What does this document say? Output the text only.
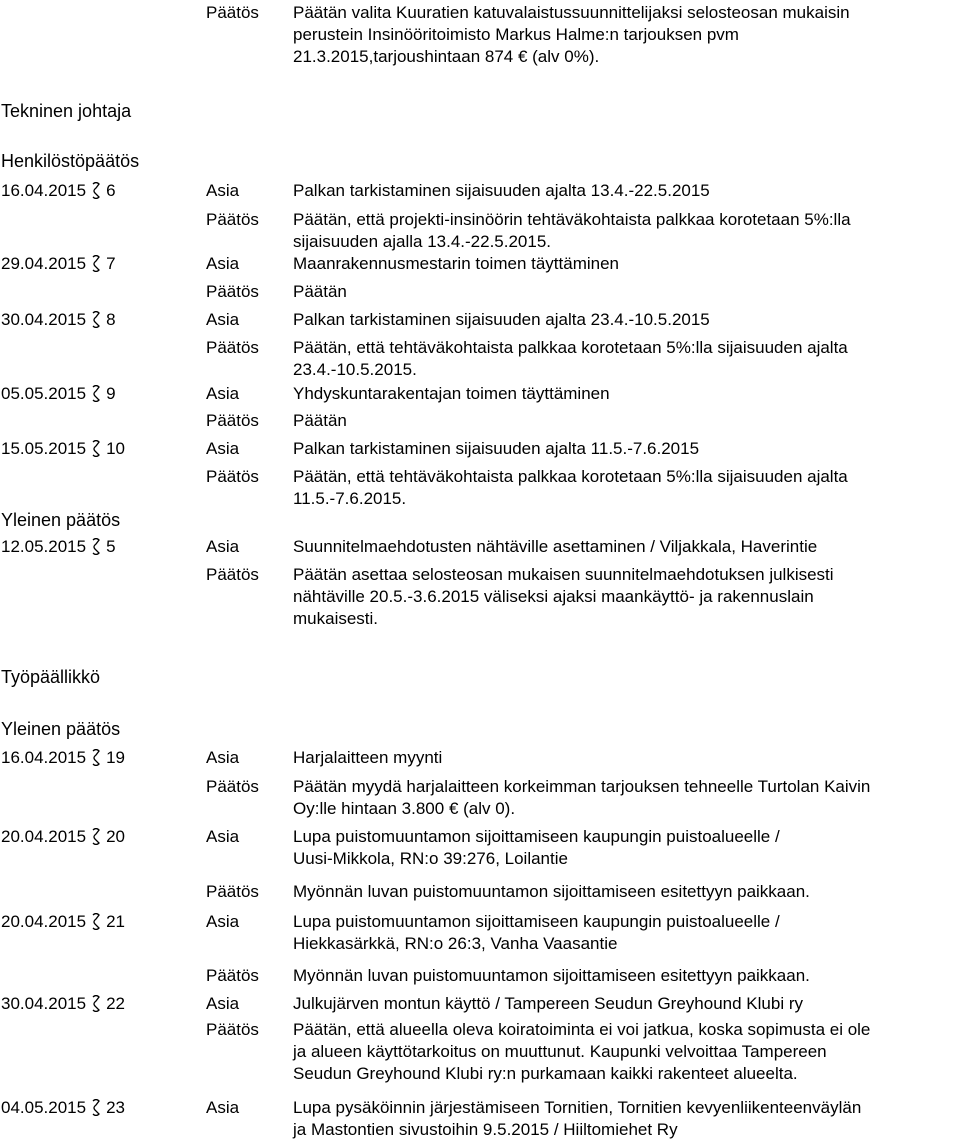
Päätös Päätän valita Kuuratien katuvalaistussuunnittelijaksi selosteosan mukaisin
perustein Insinööritoimisto Markus Halme:n tarjouksen pvm
21.3.2015,tarjoushintaan 874 € (alv 0%).
Tekninen johtaja
Henkilöstöpäätös
16.04.2015 6	Asia	Palkan tarkistaminen sijaisuuden ajalta 13.4.-22.5.2015
Päätös Päätän, että projekti-insinöörin tehtäväkohtaista palkkaa korotetaan 5%:lla
sijaisuuden ajalla 13.4.-22.5.2015.
29.04.2015 7	Asia	Maanrakennusmestarin toimen täyttäminen
Päätös Päätän
30.04.2015 8	Asia	Palkan tarkistaminen sijaisuuden ajalta 23.4.-10.5.2015
Päätös Päätän, että tehtäväkohtaista palkkaa korotetaan 5%:lla sijaisuuden ajalta
23.4.-10.5.2015.
05.05.2015 9	Asia	Yhdyskuntarakentajan toimen täyttäminen
Päätös Päätän
15.05.2015 10	Asia	Palkan tarkistaminen sijaisuuden ajalta 11.5.-7.6.2015
Päätös Päätän, että tehtäväkohtaista palkkaa korotetaan 5%:lla sijaisuuden ajalta
11.5.-7.6.2015.
Yleinen päätös
12.05.2015 5	Asia	Suunnitelmaehdotusten nähtäville asettaminen / Viljakkala, Haverintie
Päätös Päätän asettaa selosteosan mukaisen suunnitelmaehdotuksen julkisesti
nähtäville 20.5.-3.6.2015 väliseksi ajaksi maankäyttö- ja rakennuslain
mukaisesti.
Työpäällikkö
Yleinen päätös
16.04.2015 19	Asia	Harjalaitteen myynti
Päätös Päätän myydä harjalaitteen korkeimman tarjouksen tehneelle Turtolan Kaivin
Oy:lle hintaan 3.800 € (alv 0).
20.04.2015 20	Asia	Lupa puistomuuntamon sijoittamiseen kaupungin puistoalueelle /
Uusi-Mikkola, RN:o 39:276, Loilantie
Päätös Myönnän luvan puistomuuntamon sijoittamiseen esitettyyn paikkaan.
20.04.2015 21	Asia	Lupa puistomuuntamon sijoittamiseen kaupungin puistoalueelle /
Hiekkasärkkä, RN:o 26:3, Vanha Vaasantie
Päätös Myönnän luvan puistomuuntamon sijoittamiseen esitettyyn paikkaan.
30.04.2015 22	Asia	Julkujärven montun käyttö / Tampereen Seudun Greyhound Klubi ry
Päätös Päätän, että alueella oleva koiratoiminta ei voi jatkua, koska sopimusta ei ole
ja alueen käyttötarkoitus on muuttunut. Kaupunki velvoittaa Tampereen
Seudun Greyhound Klubi ry:n purkamaan kaikki rakenteet alueelta.
04.05.2015 23	Asia	Lupa pysäköinnin järjestämiseen Tornitien, Tornitien kevyenliikenteenväylän
ja Mastontien sivustoihin 9.5.2015 / Hiiltomiehet Ry
